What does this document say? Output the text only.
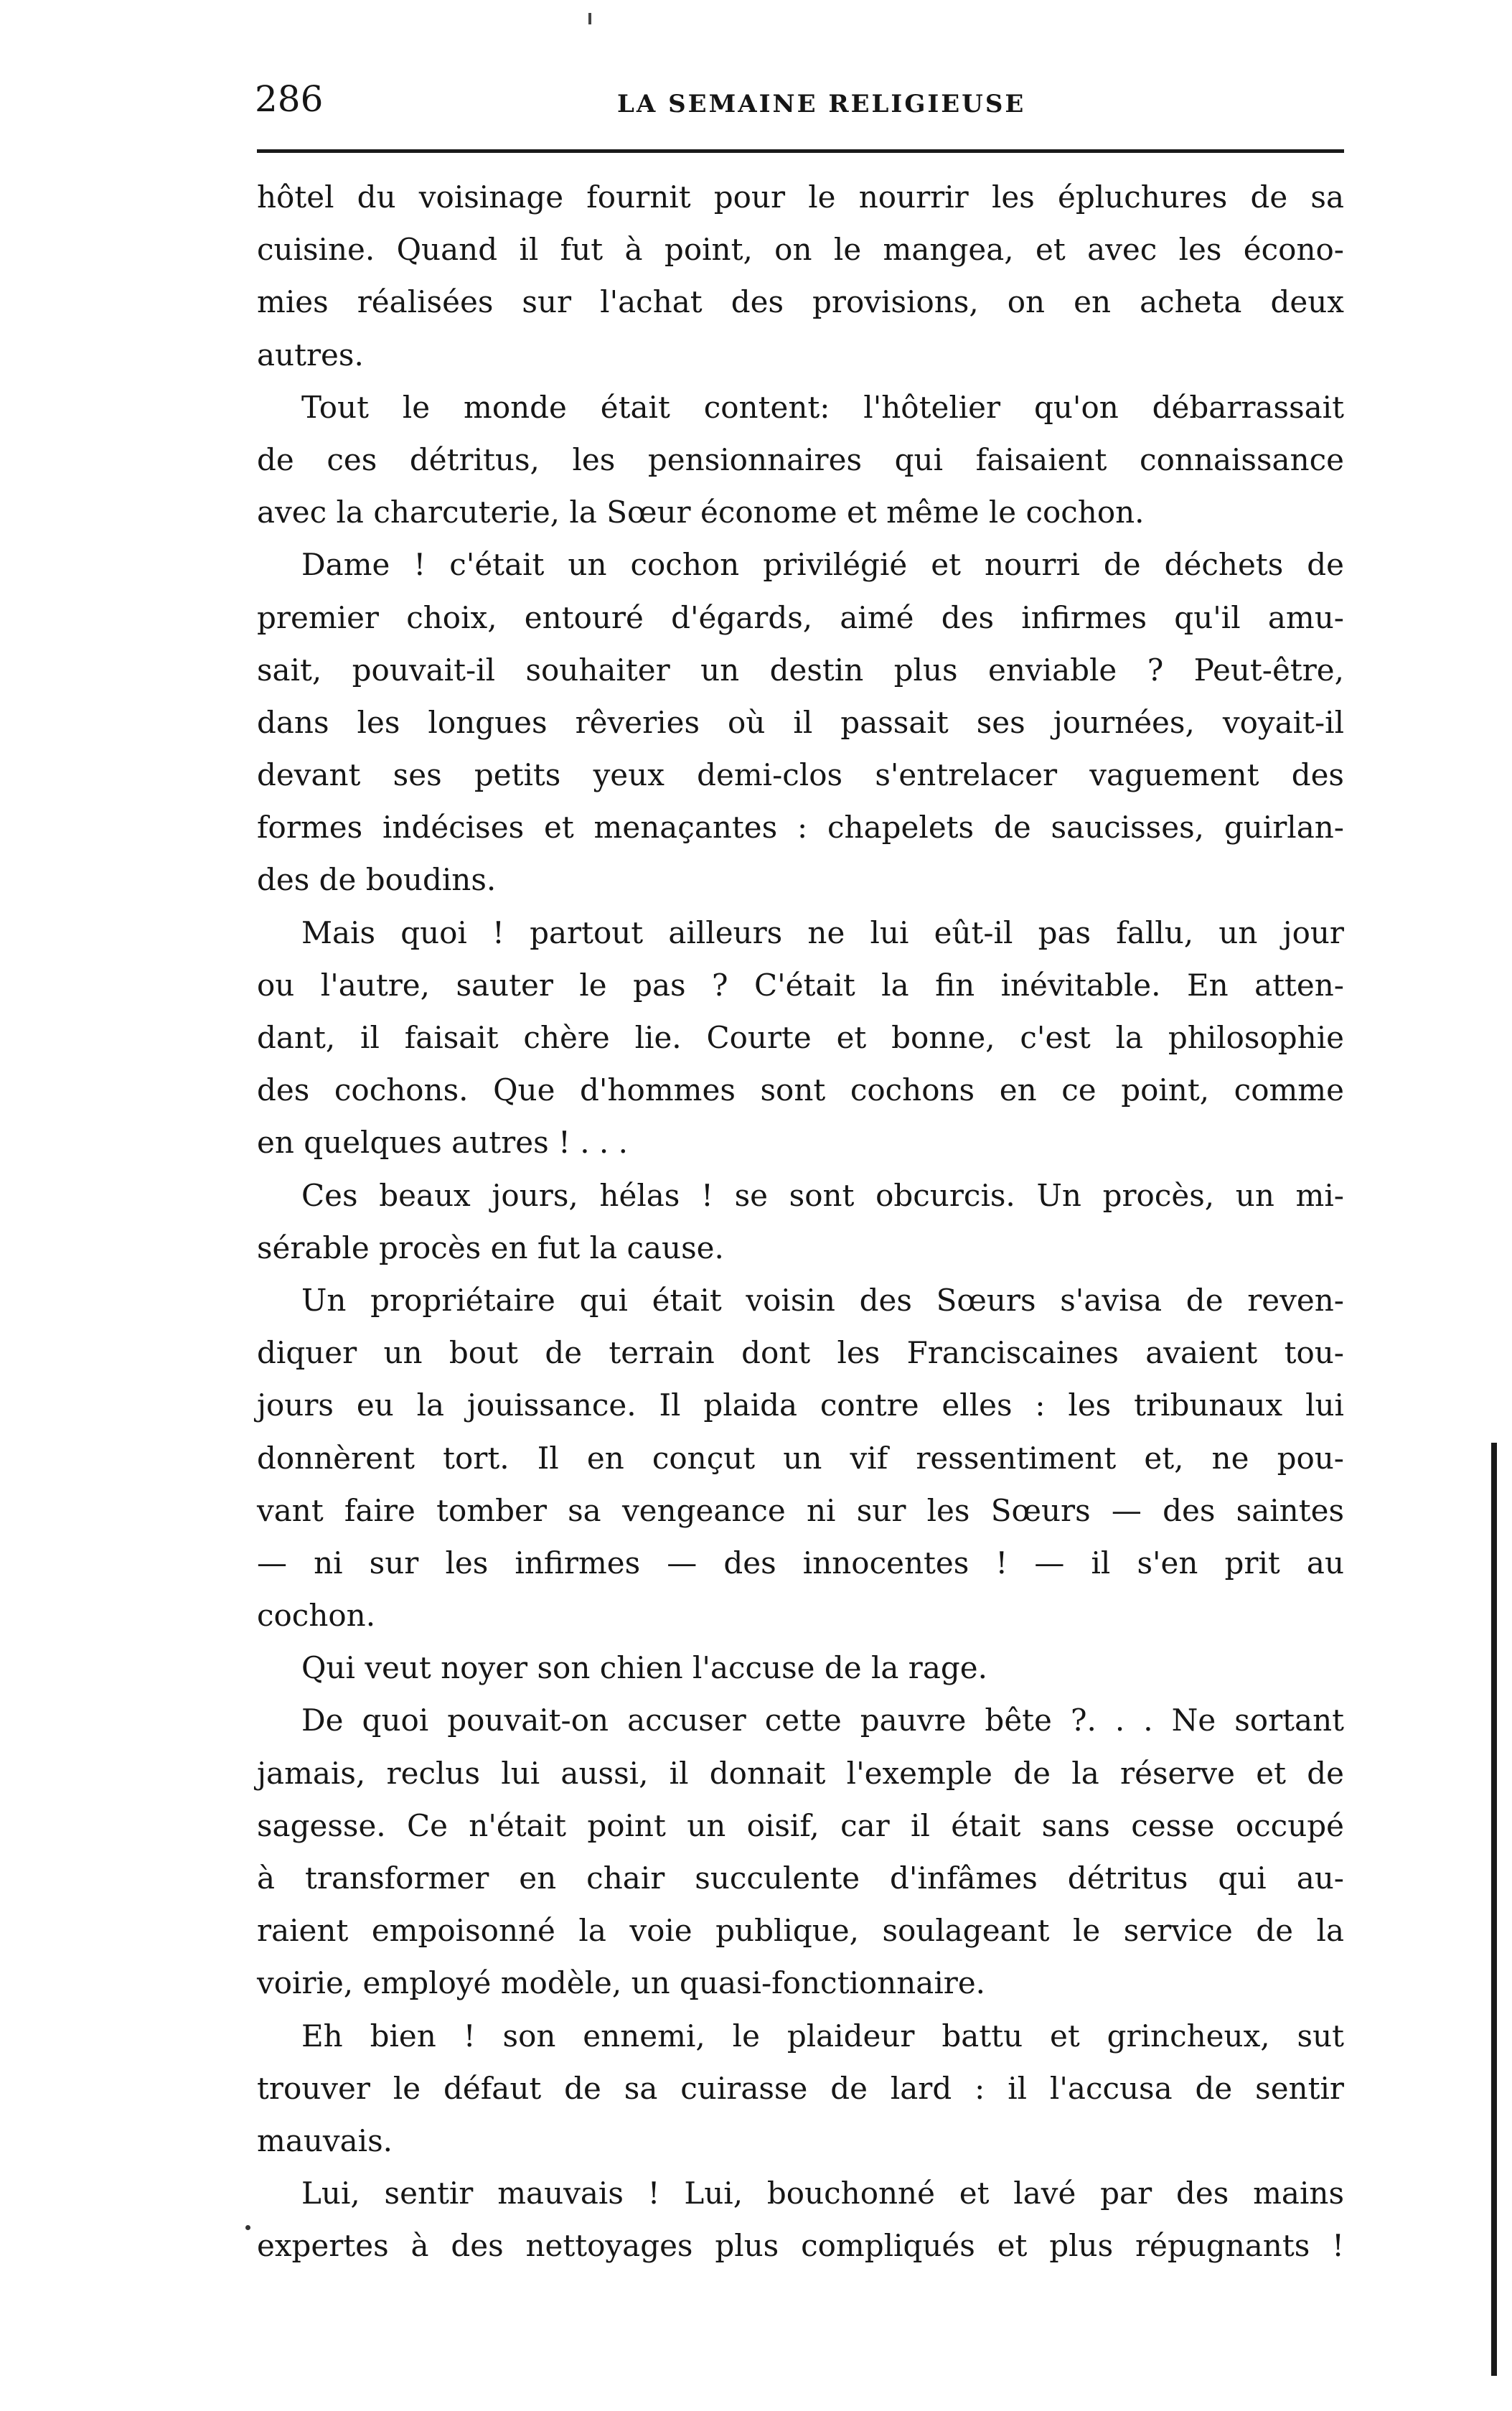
286	LA SEMAINE RELIGIEUSE
hôtel du voisinage fournit pour le nourrir les épluchures de sa
cuisine. Quand il fut à point, on le mangea, et avec les écono-
mies réalisées sur l'achat des provisions, on en acheta deux
autres.
Tout le monde était content: l'hôtelier qu'on débarrassait
de ces détritus, les pensionnaires qui faisaient connaissance
avec la charcuterie, la Sœur économe et même le cochon.
Dame ! c'était un cochon privilégié et nourri de déchets de
premier choix, entouré d'égards, aimé des infirmes qu'il amu-
sait, pouvait-il souhaiter un destin plus enviable ? Peut-être,
dans les longues rêveries où il passait ses journées, voyait-il
devant ses petits yeux demi-clos s'entrelacer vaguement des
formes indécises et menaçantes : chapelets de saucisses, guirlan-
des de boudins.
Mais quoi ! partout ailleurs ne lui eût-il pas fallu, un jour
ou l'autre, sauter le pas ? C'était la fin inévitable. En atten-
dant, il faisait chère lie. Courte et bonne, c'est la philosophie
des cochons. Que d'hommes sont cochons en ce point, comme
en quelques autres ! . . .
Ces beaux jours, hélas ! se sont obcurcis. Un procès, un mi-
sérable procès en fut la cause.
Un propriétaire qui était voisin des Sœurs s'avisa de reven-
diquer un bout de terrain dont les Franciscaines avaient tou-
jours eu la jouissance. Il plaida contre elles : les tribunaux lui
donnèrent tort. Il en conçut un vif ressentiment et, ne pou-
vant faire tomber sa vengeance ni sur les Sœurs — des saintes
— ni sur les infirmes — des innocentes ! — il s'en prit au
cochon.
Qui veut noyer son chien l'accuse de la rage.
De quoi pouvait-on accuser cette pauvre bête ?. . . Ne sortant
jamais, reclus lui aussi, il donnait l'exemple de la réserve et de
sagesse. Ce n'était point un oisif, car il était sans cesse occupé
à transformer en chair succulente d'infâmes détritus qui au-
raient empoisonné la voie publique, soulageant le service de la
voirie, employé modèle, un quasi-fonctionnaire.
Eh bien ! son ennemi, le plaideur battu et grincheux, sut
trouver le défaut de sa cuirasse de lard : il l'accusa de sentir
mauvais.
Lui, sentir mauvais ! Lui, bouchonné et lavé par des mains
expertes à des nettoyages plus compliqués et plus répugnants !
